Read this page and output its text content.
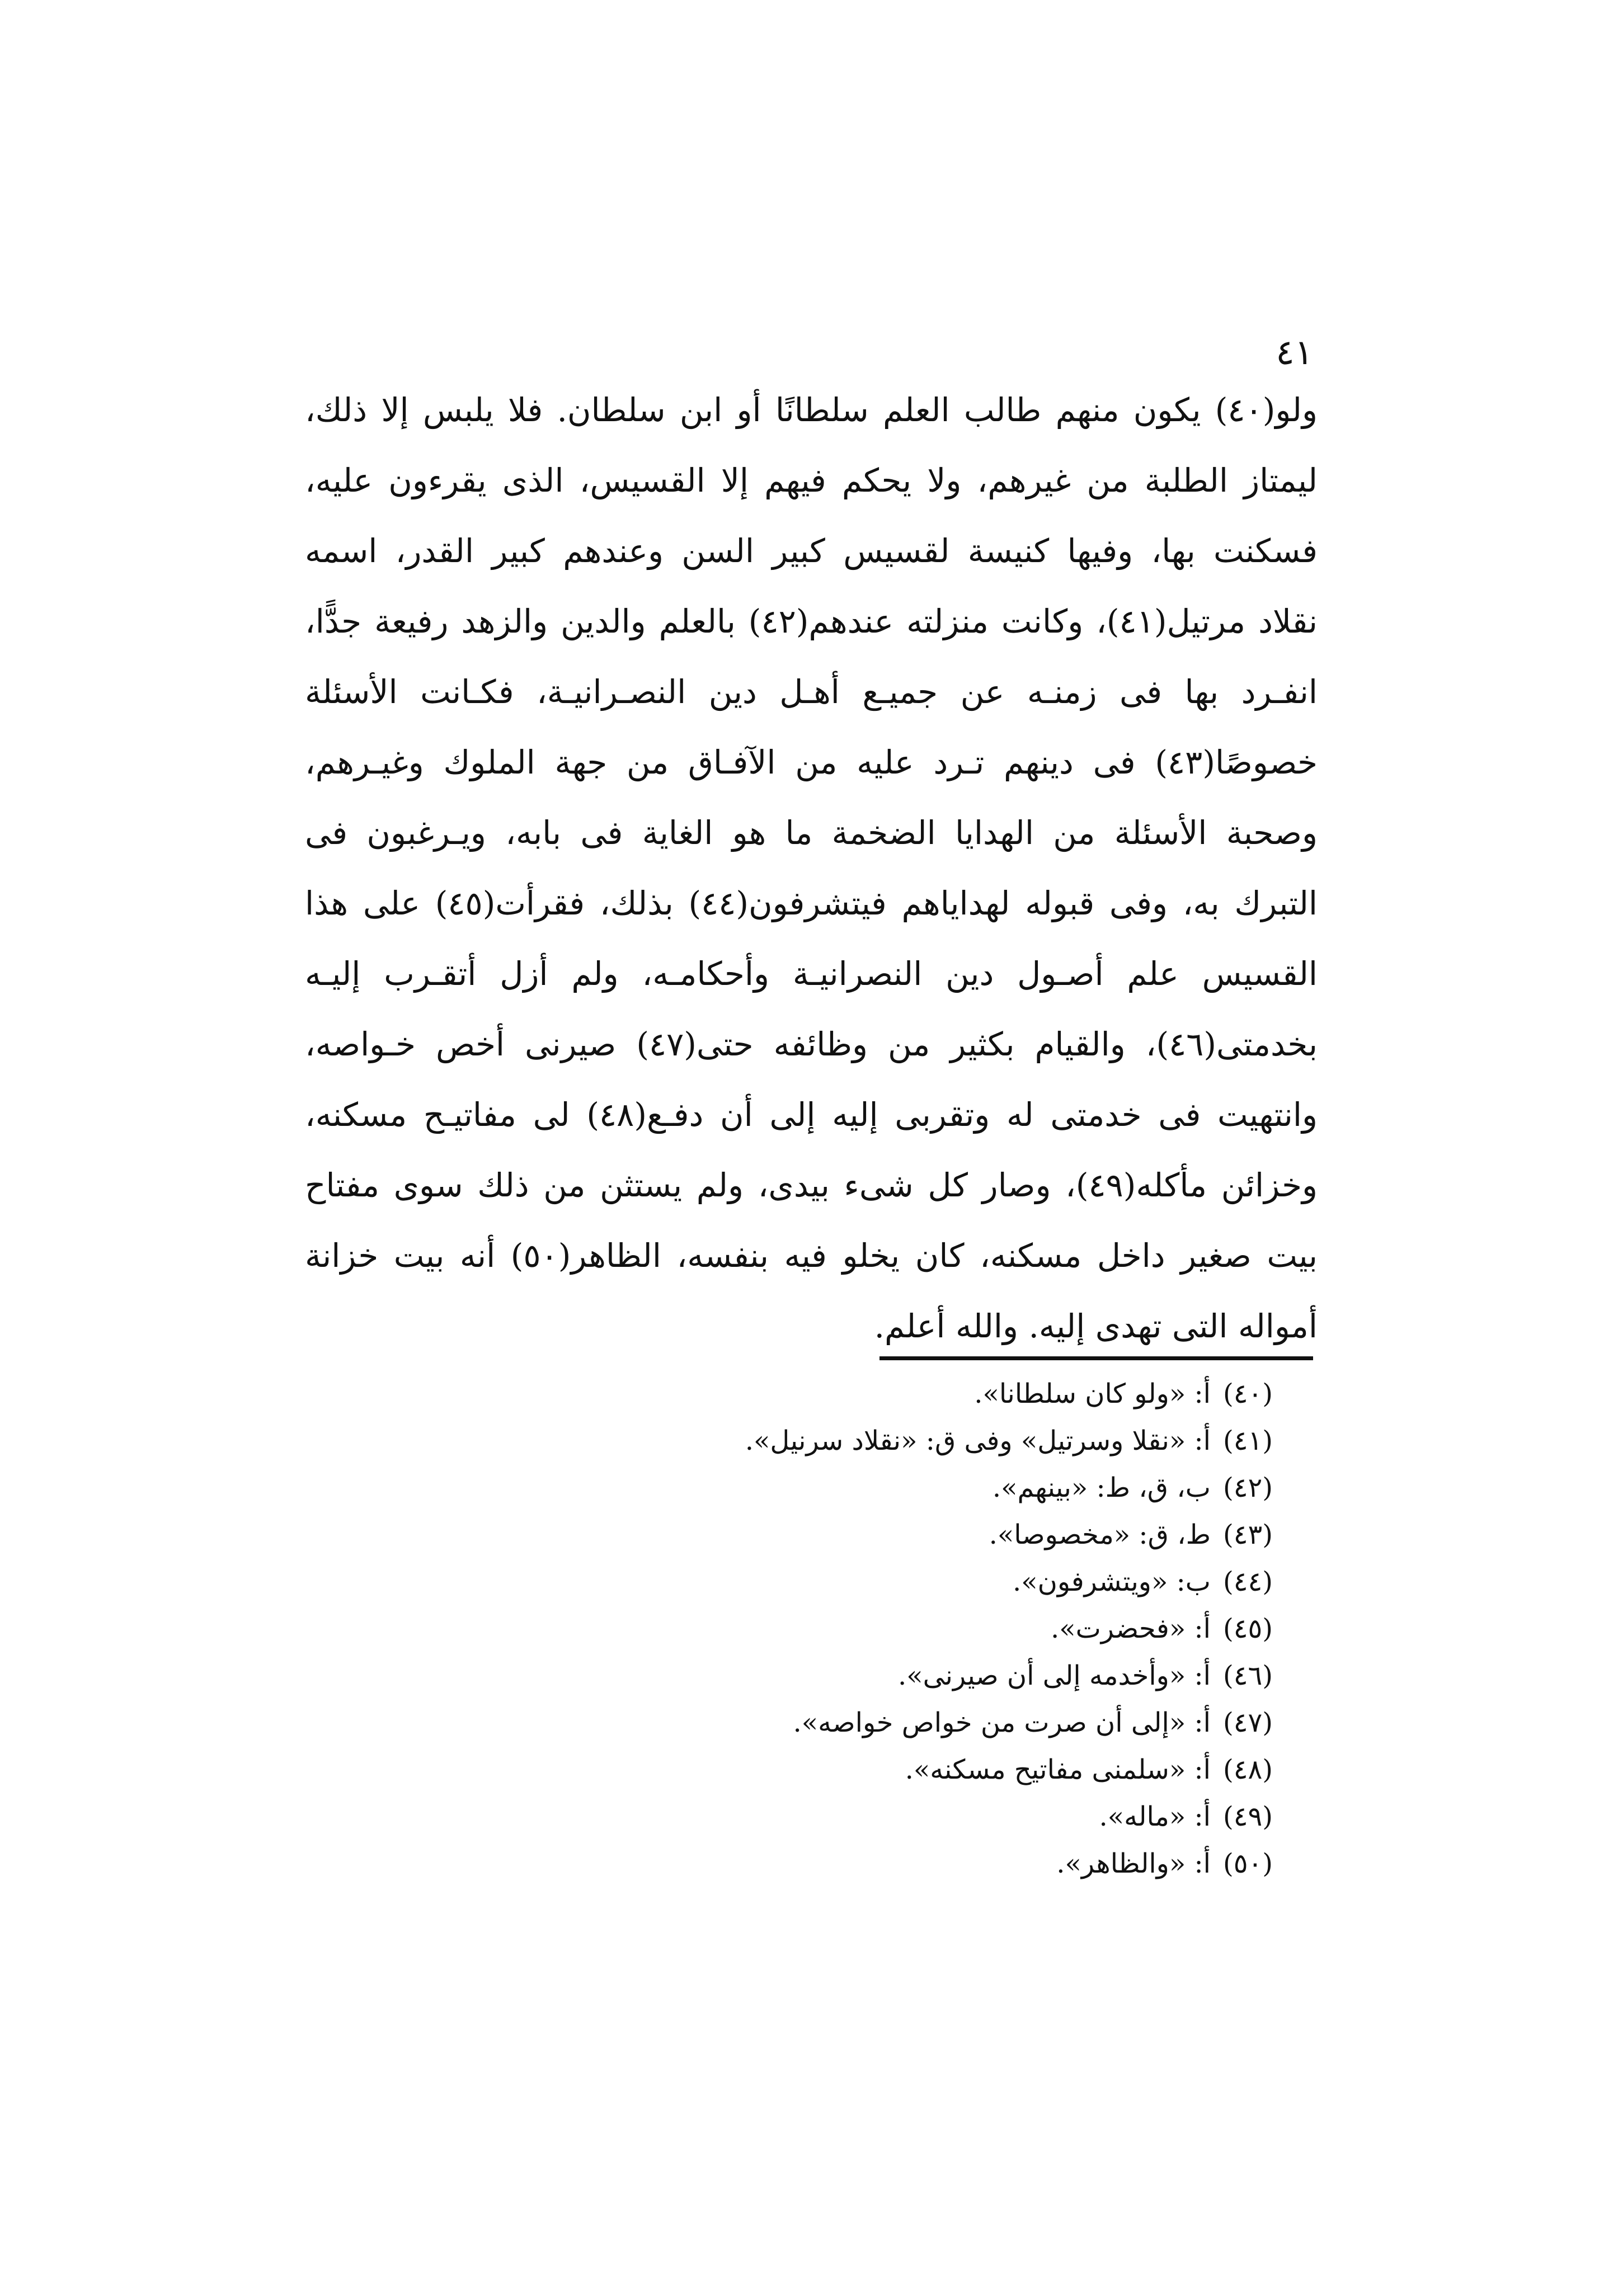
٤١
ولو(٤٠) يكون منهم طالب العلم سلطانًا أو ابن سلطان. فلا يلبس إلا ذلك،
ليمتاز الطلبة من غيرهم، ولا يحكم فيهم إلا القسيس، الذى يقرءون عليه،
فسكنت بها، وفيها كنيسة لقسيس كبير السن وعندهم كبير القدر، اسمه
نقلاد مرتيل(٤١)، وكانت منزلته عندهم(٤٢) بالعلم والدين والزهد رفيعة جدًّا،
انفـرد بها فى زمنـه عن جميـع أهـل دين النصـرانيـة، فكـانت الأسئلة
خصوصًا(٤٣) فى دينهم تـرد عليه من الآفـاق من جهة الملوك وغيـرهم،
وصحبة الأسئلة من الهدايا الضخمة ما هو الغاية فى بابه، ويـرغبون فى
التبرك به، وفى قبوله لهداياهم فيتشرفون(٤٤) بذلك، فقرأت(٤٥) على هذا
القسيس علم أصـول دين النصرانيـة وأحكامـه، ولم أزل أتقـرب إليـه
بخدمتى(٤٦)، والقيام بكثير من وظائفه حتى(٤٧) صيرنى أخص خـواصه،
وانتهيت فى خدمتى له وتقربى إليه إلى أن دفـع(٤٨) لى مفاتيـح مسكنه،
وخزائن مأكله(٤٩)، وصار كل شىء بيدى، ولم يستثن من ذلك سوى مفتاح
بيت صغير داخل مسكنه، كان يخلو فيه بنفسه، الظاهر(٥٠) أنه بيت خزانة
أمواله التى تهدى إليه. والله أعلم.
(٤٠)أ: «ولو كان سلطانا».
(٤١)أ: «نقلا وسرتيل» وفى ق: «نقلاد سرنيل».
(٤٢)ب، ق، ط: «بينهم».
(٤٣)ط، ق: «مخصوصا».
(٤٤)ب: «ويتشرفون».
(٤٥)أ: «فحضرت».
(٤٦)أ: «وأخدمه إلى أن صيرنى».
(٤٧)أ: «إلى أن صرت من خواص خواصه».
(٤٨)أ: «سلمنى مفاتيح مسكنه».
(٤٩)أ: «ماله».
(٥٠)أ: «والظاهر».
